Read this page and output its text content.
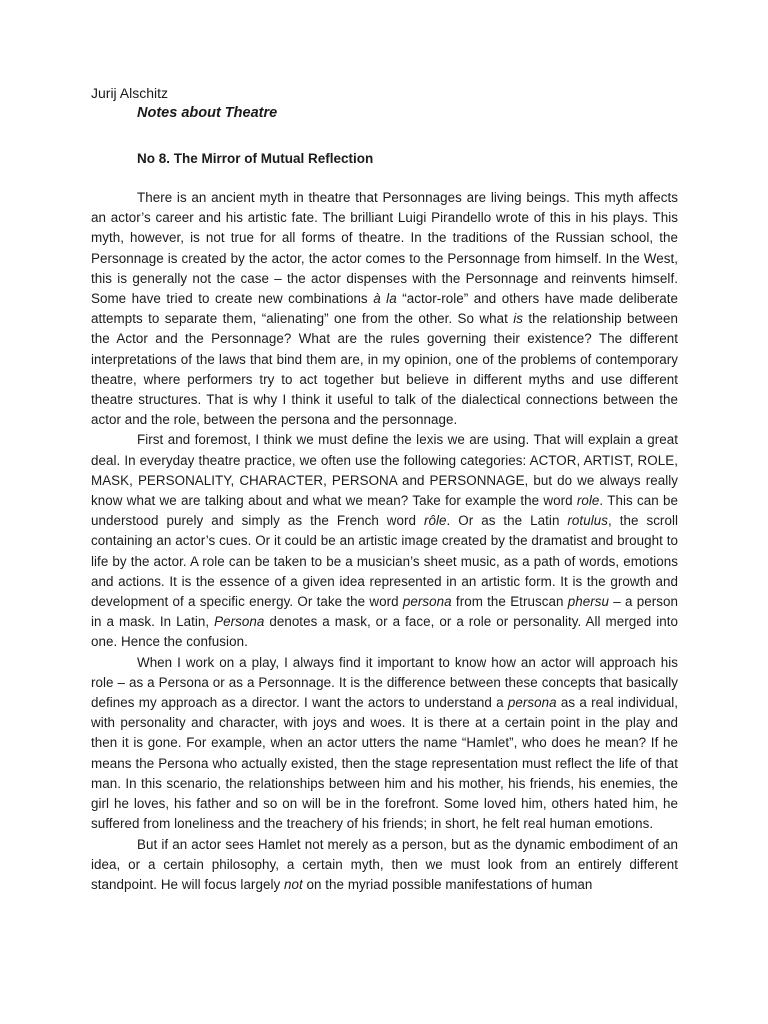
Jurij Alschitz

Notes about Theatre

No 8. The Mirror of Mutual Reflection

There is an ancient myth in theatre that Personnages are living beings. This myth affects an actor’s career and his artistic fate. The brilliant Luigi Pirandello wrote of this in his plays. This myth, however, is not true for all forms of theatre. In the traditions of the Russian school, the Personnage is created by the actor, the actor comes to the Personnage from himself. In the West, this is generally not the case – the actor dispenses with the Personnage and reinvents himself. Some have tried to create new combinations à la “actor-role” and others have made deliberate attempts to separate them, “alienating” one from the other. So what is the relationship between the Actor and the Personnage? What are the rules governing their existence? The different interpretations of the laws that bind them are, in my opinion, one of the problems of contemporary theatre, where performers try to act together but believe in different myths and use different theatre structures. That is why I think it useful to talk of the dialectical connections between the actor and the role, between the persona and the personnage.

First and foremost, I think we must define the lexis we are using. That will explain a great deal. In everyday theatre practice, we often use the following categories: ACTOR, ARTIST, ROLE, MASK, PERSONALITY, CHARACTER, PERSONA and PERSONNAGE, but do we always really know what we are talking about and what we mean? Take for example the word role. This can be understood purely and simply as the French word rôle. Or as the Latin rotulus, the scroll containing an actor’s cues. Or it could be an artistic image created by the dramatist and brought to life by the actor. A role can be taken to be a musician’s sheet music, as a path of words, emotions and actions. It is the essence of a given idea represented in an artistic form. It is the growth and development of a specific energy. Or take the word persona from the Etruscan phersu – a person in a mask. In Latin, Persona denotes a mask, or a face, or a role or personality. All merged into one. Hence the confusion.

When I work on a play, I always find it important to know how an actor will approach his role – as a Persona or as a Personnage. It is the difference between these concepts that basically defines my approach as a director. I want the actors to understand a persona as a real individual, with personality and character, with joys and woes. It is there at a certain point in the play and then it is gone. For example, when an actor utters the name “Hamlet”, who does he mean? If he means the Persona who actually existed, then the stage representation must reflect the life of that man. In this scenario, the relationships between him and his mother, his friends, his enemies, the girl he loves, his father and so on will be in the forefront. Some loved him, others hated him, he suffered from loneliness and the treachery of his friends; in short, he felt real human emotions.

But if an actor sees Hamlet not merely as a person, but as the dynamic embodiment of an idea, or a certain philosophy, a certain myth, then we must look from an entirely different standpoint. He will focus largely not on the myriad possible manifestations of human
